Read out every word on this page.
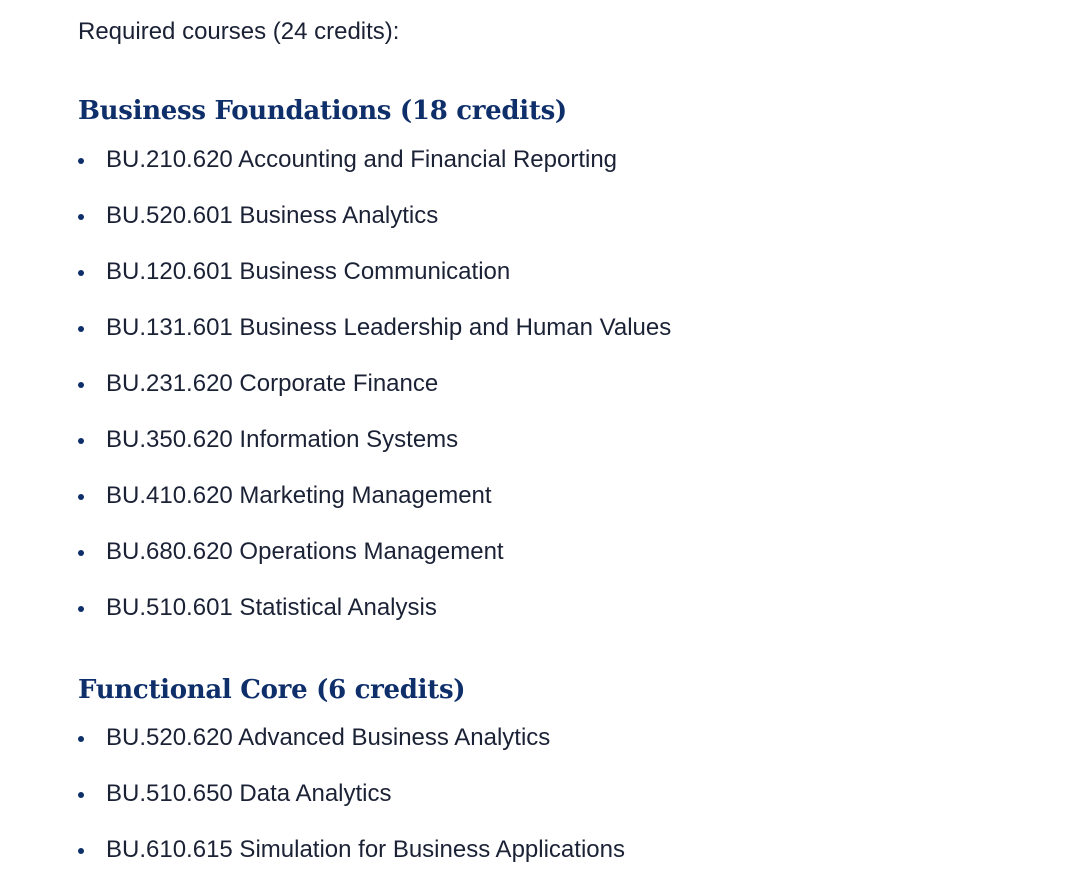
Required courses (24 credits):

Business Foundations (18 credits)
BU.210.620 Accounting and Financial Reporting
BU.520.601 Business Analytics
BU.120.601 Business Communication
BU.131.601 Business Leadership and Human Values
BU.231.620 Corporate Finance
BU.350.620 Information Systems
BU.410.620 Marketing Management
BU.680.620 Operations Management
BU.510.601 Statistical Analysis
Functional Core (6 credits)
BU.520.620 Advanced Business Analytics
BU.510.650 Data Analytics
BU.610.615 Simulation for Business Applications
